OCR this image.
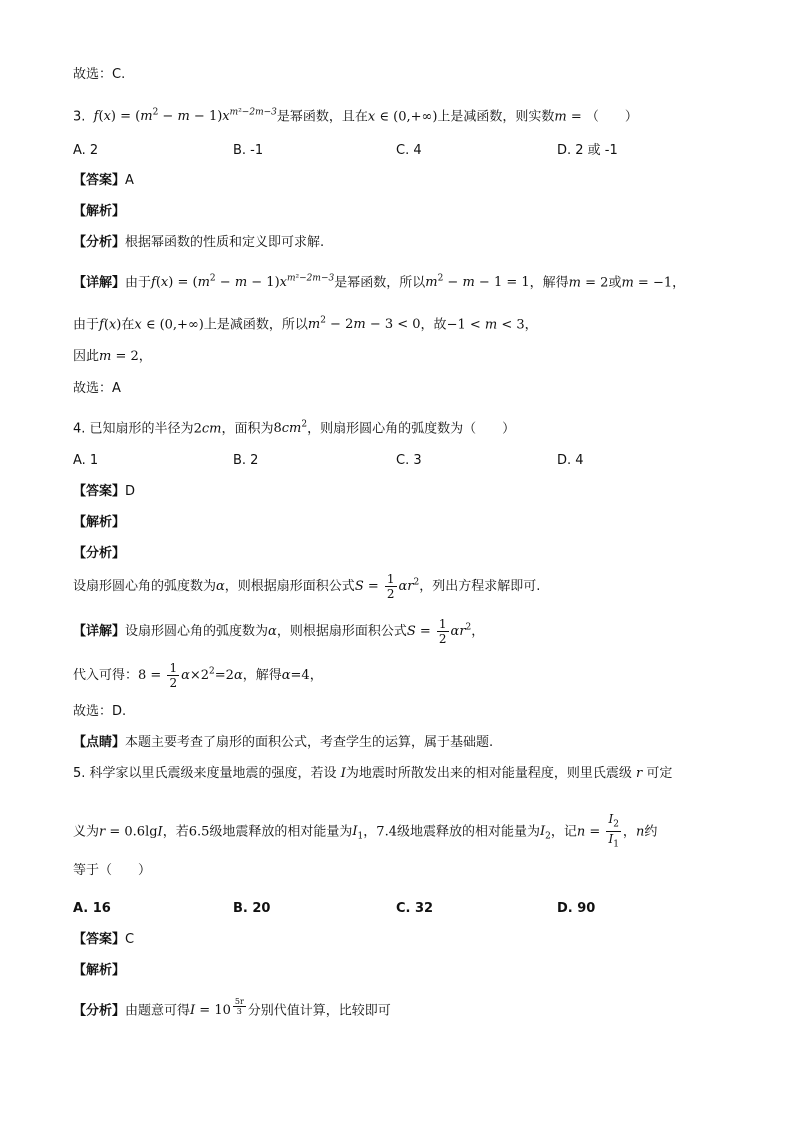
故选：C.
3.  $f(x) = (m^2 - m - 1)x^{m^2-2m-3}$是幂函数，且在x ∈ (0,+∞)上是减函数，则实数m = （　　）
A. 2	B. -1	C. 4	D. 2 或 -1
【答案】A
【解析】
【分析】根据幂函数的性质和定义即可求解.
【详解】由于$f(x) = (m^2 - m - 1)x^{m^2-2m-3}$是幂函数，所以$m^2 - m - 1 = 1$，解得m = 2或m = −1，
由于f(x)在x ∈ (0,+∞)上是减函数，所以$m^2 - 2m - 3 < 0$，故−1 < m < 3，
因此m = 2，
故选：A
4. 已知扇形的半径为2cm，面积为$8cm^2$，则扇形圆心角的弧度数为（　　）
A. 1	B. 2	C. 3	D. 4
【答案】D
【解析】
【分析】
设扇形圆心角的弧度数为α，则根据扇形面积公式$S = \frac{1}{2} \alpha r^2$，列出方程求解即可.
【详解】设扇形圆心角的弧度数为α，则根据扇形面积公式$S = \frac{1}{2} \alpha r^2$，
代入可得：$8 = \frac{1}{2} \alpha\times 2^2=2\alpha$，解得α=4，
故选：D.
【点睛】本题主要考查了扇形的面积公式，考查学生的运算，属于基础题.
5. 科学家以里氏震级来度量地震的强度，若设 I为地震时所散发出来的相对能量程度，则里氏震级 r 可定
义为r = 0.6lgI，若6.5级地震释放的相对能量为$I_1$，7.4级地震释放的相对能量为$I_2$，记$n = \frac{I_2}{I_1}$ ，n约
等于（　　）
A. 16	B. 20	C. 32	D. 90
【答案】C
【解析】
【分析】由题意可得I = 10 $^{\frac{5r}{3}}$ 分别代值计算，比较即可
